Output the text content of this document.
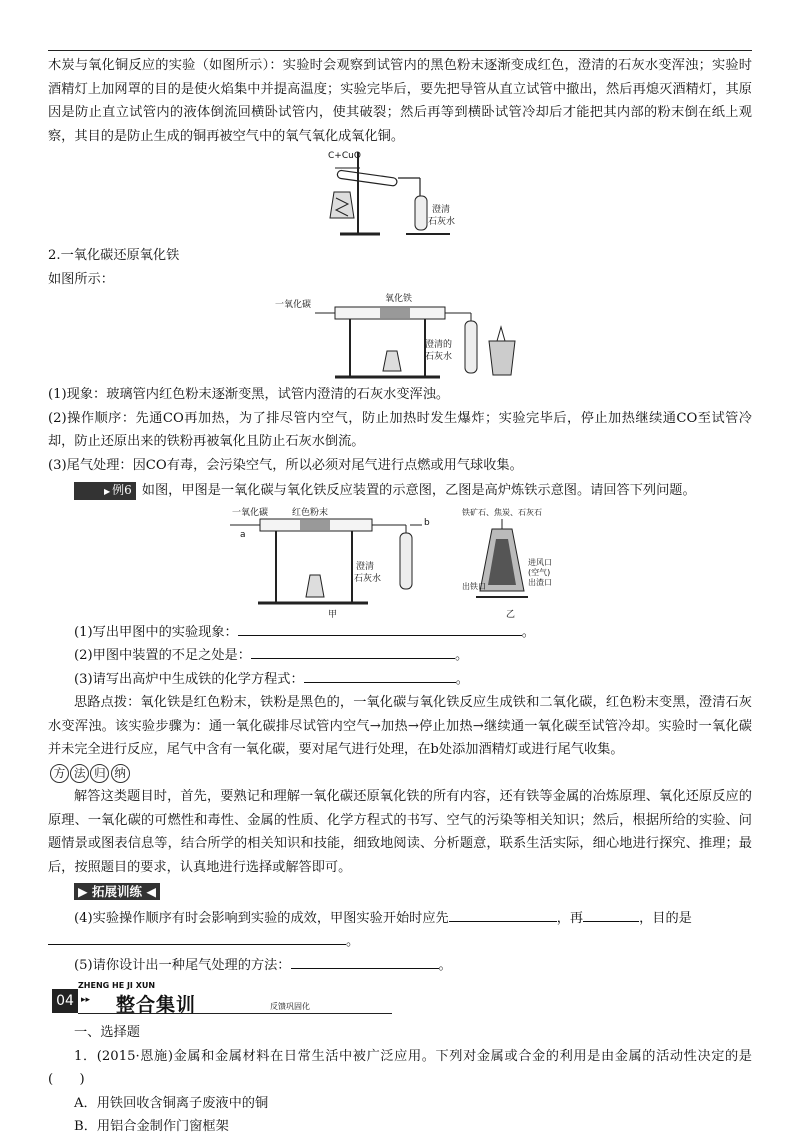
木炭与氧化铜反应的实验（如图所示）：实验时会观察到试管内的黑色粉末逐渐变成红色，澄清的石灰水变浑浊；实验时酒精灯上加网罩的目的是使火焰集中并提高温度；实验完毕后，要先把导管从直立试管中撤出，然后再熄灭酒精灯，其原因是防止直立试管内的液体倒流回横卧试管内，使其破裂；然后再等到横卧试管冷却后才能把其内部的粉末倒在纸上观察，其目的是防止生成的铜再被空气中的氧气氧化成氧化铜。

C+CuO
澄清
石灰水

2.一氧化碳还原氧化铁

如图所示：

一氧化碳
氧化铁
澄清的
石灰水

(1)现象：玻璃管内红色粉末逐渐变黑，试管内澄清的石灰水变浑浊。

(2)操作顺序：先通CO再加热，为了排尽管内空气，防止加热时发生爆炸；实验完毕后，停止加热继续通CO至试管冷却，防止还原出来的铁粉再被氧化且防止石灰水倒流。

(3)尾气处理：因CO有毒，会污染空气，所以必须对尾气进行点燃或用气球收集。

▶ 例6 如图，甲图是一氧化碳与氧化铁反应装置的示意图，乙图是高炉炼铁示意图。请回答下列问题。

一氧化碳	红色粉末
a
b
澄清
石灰水
甲
铁矿石、焦炭、石灰石
进风口
(空气)
出渣口
出铁口
乙

(1)写出甲图中的实验现象：	。

(2)甲图中装置的不足之处是：	。

(3)请写出高炉中生成铁的化学方程式：	。

思路点拨：氧化铁是红色粉末，铁粉是黑色的，一氧化碳与氧化铁反应生成铁和二氧化碳，红色粉末变黑，澄清石灰水变浑浊。该实验步骤为：通一氧化碳排尽试管内空气→加热→停止加热→继续通一氧化碳至试管冷却。实验时一氧化碳并未完全进行反应，尾气中含有一氧化碳，要对尾气进行处理，在b处添加酒精灯或进行尾气收集。

方 法 归 纳

解答这类题目时，首先，要熟记和理解一氧化碳还原氧化铁的所有内容，还有铁等金属的冶炼原理、氧化还原反应的原理、一氧化碳的可燃性和毒性、金属的性质、化学方程式的书写、空气的污染等相关知识；然后，根据所给的实验、问题情景或图表信息等，结合所学的相关知识和技能，细致地阅读、分析题意，联系生活实际，细心地进行探究、推理；最后，按照题目的要求，认真地进行选择或解答即可。

▶ 拓展训练 ◀

(4)实验操作顺序有时会影响到实验的成效，甲图实验开始时应先	，再	，目的是
。

(5)请你设计出一种尾气处理的方法：	。

04
ZHENG HE JI XUN
▸▸ 整合集训	反馈巩固化

一、选择题

1．(2015·恩施)金属和金属材料在日常生活中被广泛应用。下列对金属或合金的利用是由金属的活动性决定的是(　　)

A．用铁回收含铜离子废液中的铜

B．用铝合金制作门窗框架
